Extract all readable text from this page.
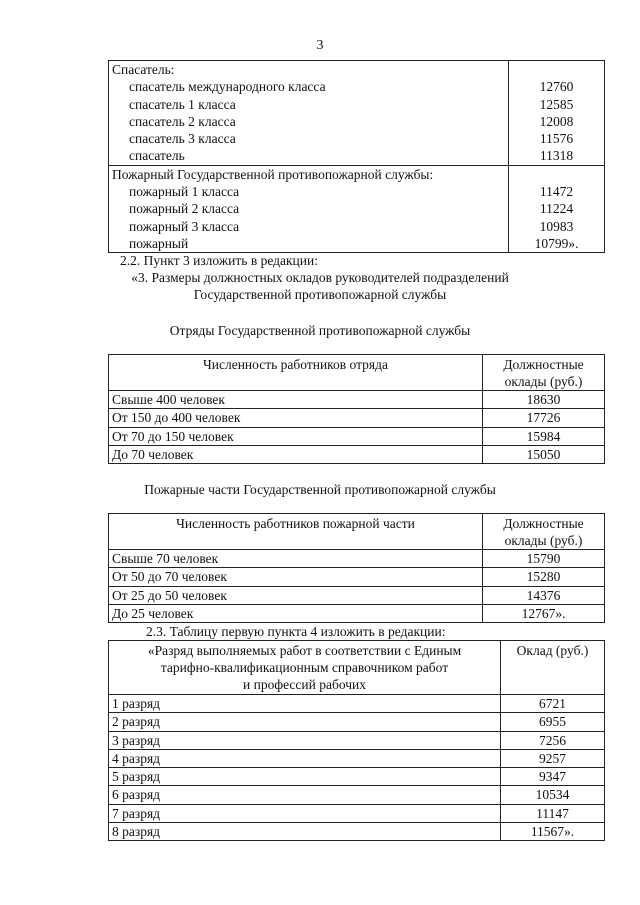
3
Спасатель:	
спасатель международного класса	12760
спасатель 1 класса	12585
спасатель 2 класса	12008
спасатель 3 класса	11576
спасатель	11318
Пожарный Государственной противопожарной службы:	
пожарный 1 класса	11472
пожарный 2 класса	11224
пожарный 3 класса	10983
пожарный	10799».
2.2. Пункт 3 изложить в редакции:
«3. Размеры должностных окладов руководителей подразделений
Государственной противопожарной службы
Отряды Государственной противопожарной службы
Численность работников отряда	Должностные
оклады (руб.)

Свыше 400 человек	18630
От 150 до 400 человек	17726
От 70 до 150 человек	15984
До 70 человек	15050
Пожарные части Государственной противопожарной службы
Численность работников пожарной части	Должностные
оклады (руб.)

Свыше 70 человек	15790
От 50 до 70 человек	15280
От 25 до 50 человек	14376
До 25 человек	12767».
2.3. Таблицу первую пункта 4 изложить в редакции:
«Разряд выполняемых работ в соответствии с Единым
тарифно-квалификационным справочником работ
и профессий рабочих	Оклад (руб.)
1 разряд	6721
2 разряд	6955
3 разряд	7256
4 разряд	9257
5 разряд	9347
6 разряд	10534
7 разряд	11147
8 разряд	11567».
